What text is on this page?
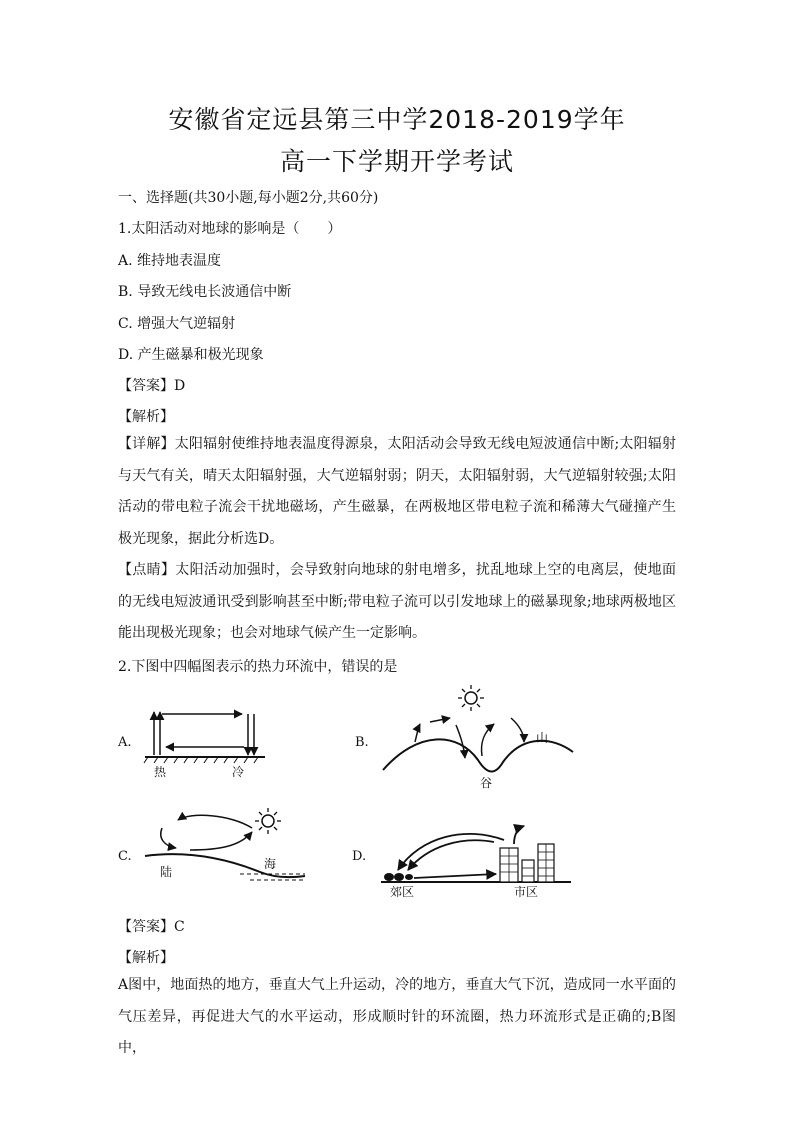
安徽省定远县第三中学2018-2019学年
高一下学期开学考试
一、选择题(共30小题,每小题2分,共60分)
1.太阳活动对地球的影响是（　　）
A. 维持地表温度
B. 导致无线电长波通信中断
C. 增强大气逆辐射
D. 产生磁暴和极光现象
【答案】D
【解析】
【详解】太阳辐射使维持地表温度得源泉，太阳活动会导致无线电短波通信中断;太阳辐射与天气有关，晴天太阳辐射强，大气逆辐射弱；阴天，太阳辐射弱，大气逆辐射较强;太阳活动的带电粒子流会干扰地磁场，产生磁暴，在两极地区带电粒子流和稀薄大气碰撞产生极光现象，据此分析选D。
【点睛】太阳活动加强时，会导致射向地球的射电增多，扰乱地球上空的电离层，使地面的无线电短波通讯受到影响甚至中断;带电粒子流可以引发地球上的磁暴现象;地球两极地区能出现极光现象；也会对地球气候产生一定影响。
2.下图中四幅图表示的热力环流中，错误的是
A.
热	冷
B.	山
谷
C.
陆
海	D.
郊区	市区
【答案】C
【解析】
A图中，地面热的地方，垂直大气上升运动，冷的地方，垂直大气下沉，造成同一水平面的气压差异，再促进大气的水平运动，形成顺时针的环流圈，热力环流形式是正确的;B图中，
